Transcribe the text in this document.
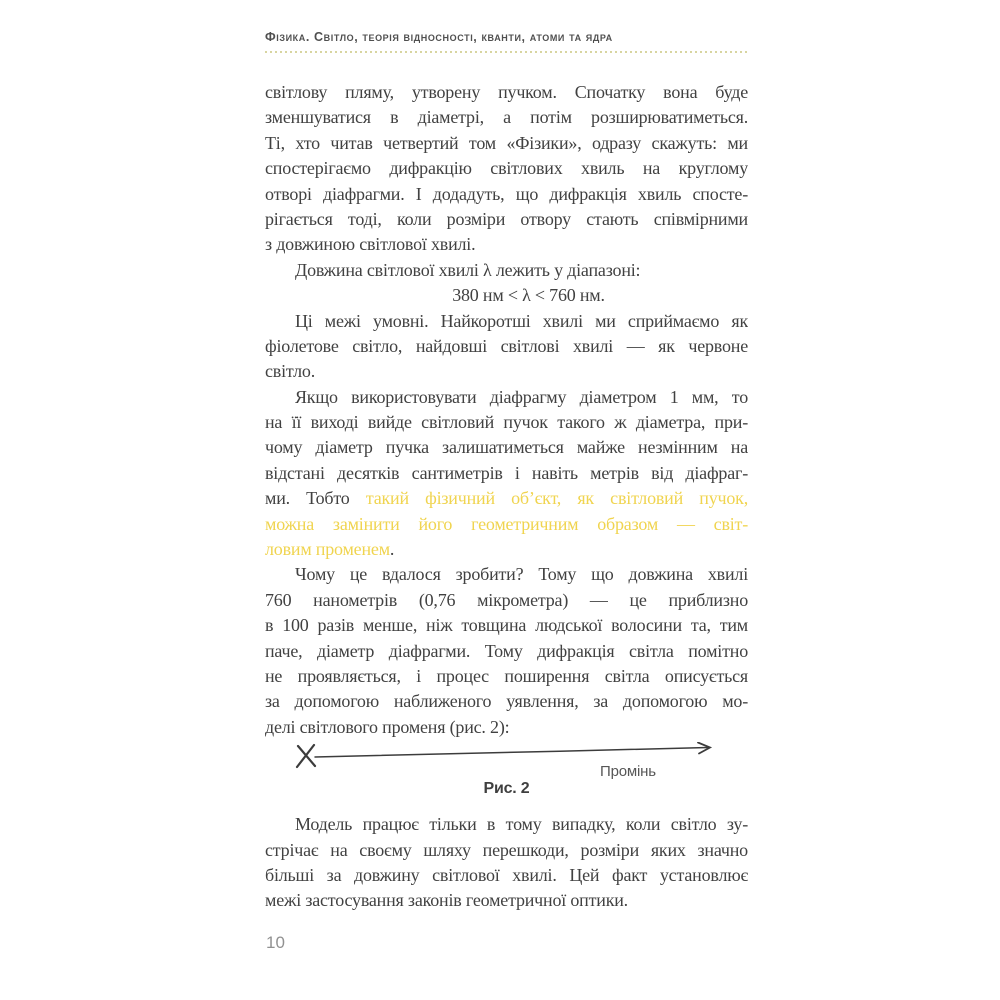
Фізика. Світло, теорія відносності, кванти, атоми та ядра
світлову пляму, утворену пучком. Спочатку вона буде
зменшуватися в діаметрі, а потім розширюватиметься.
Ті, хто читав четвертий том «Фізики», одразу скажуть: ми
спостерігаємо дифракцію світлових хвиль на круглому
отворі діафрагми. І додадуть, що дифракція хвиль спосте-
рігається тоді, коли розміри отвору стають співмірними
з довжиною світлової хвилі.
Довжина світлової хвилі λ лежить у діапазоні:
380 нм < λ < 760 нм.
Ці межі умовні. Найкоротші хвилі ми сприймаємо як
фіолетове світло, найдовші світлові хвилі — як червоне
світло.
Якщо використовувати діафрагму діаметром 1 мм, то
на її виході вийде світловий пучок такого ж діаметра, при-
чому діаметр пучка залишатиметься майже незмінним на
відстані десятків сантиметрів і навіть метрів від діафраг-
ми. Тобто такий фізичний об’єкт, як світловий пучок,
можна замінити його геометричним образом — світ-
ловим променем.
Чому це вдалося зробити? Тому що довжина хвилі
760 нанометрів (0,76 мікрометра) — це приблизно
в 100 разів менше, ніж товщина людської волосини та, тим
паче, діаметр діафрагми. Тому дифракція світла помітно
не проявляється, і процес поширення світла описується
за допомогою наближеного уявлення, за допомогою мо-
делі світлового променя (рис. 2):
Промінь
Рис. 2
Модель працює тільки в тому випадку, коли світло зу-
стрічає на своєму шляху перешкоди, розміри яких значно
більші за довжину світлової хвилі. Цей факт установлює
межі застосування законів геометричної оптики.
10
